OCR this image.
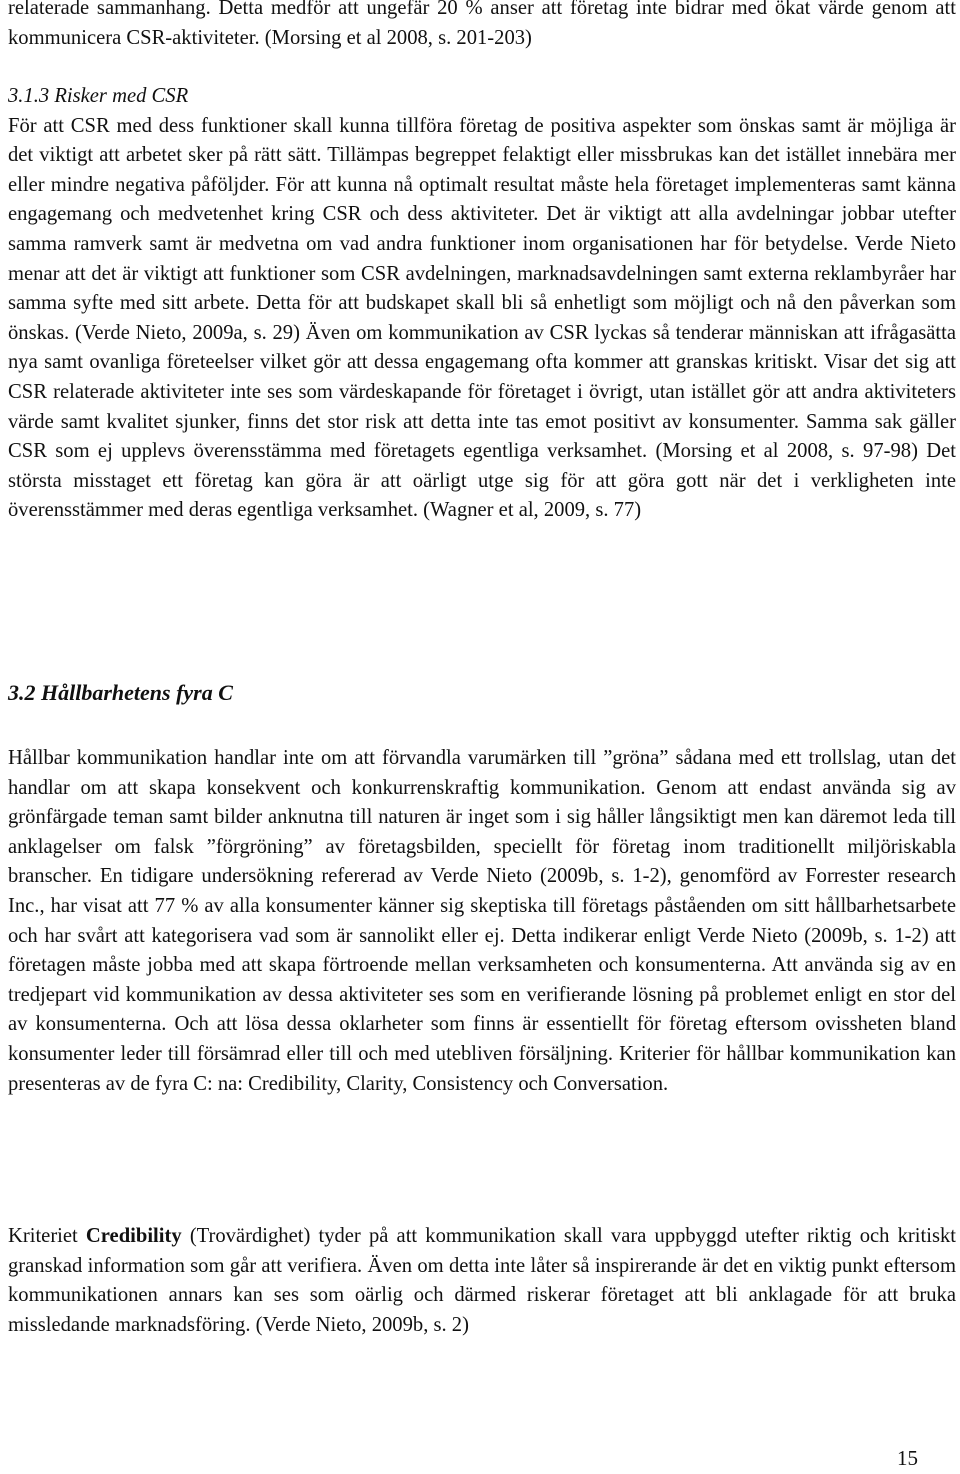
relaterade sammanhang. Detta medför att ungefär 20 % anser att företag inte bidrar med ökat värde genom att kommunicera CSR-aktiviteter. (Morsing et al 2008, s. 201-203)

3.1.3 Risker med CSR

För att CSR med dess funktioner skall kunna tillföra företag de positiva aspekter som önskas samt är möjliga är det viktigt att arbetet sker på rätt sätt. Tillämpas begreppet felaktigt eller missbrukas kan det istället innebära mer eller mindre negativa påföljder. För att kunna nå optimalt resultat måste hela företaget implementeras samt känna engagemang och medvetenhet kring CSR och dess aktiviteter. Det är viktigt att alla avdelningar jobbar utefter samma ramverk samt är medvetna om vad andra funktioner inom organisationen har för betydelse. Verde Nieto menar att det är viktigt att funktioner som CSR avdelningen, marknadsavdelningen samt externa reklambyråer har samma syfte med sitt arbete. Detta för att budskapet skall bli så enhetligt som möjligt och nå den påverkan som önskas. (Verde Nieto, 2009a, s. 29) Även om kommunikation av CSR lyckas så tenderar människan att ifrågasätta nya samt ovanliga företeelser vilket gör att dessa engagemang ofta kommer att granskas kritiskt. Visar det sig att CSR relaterade aktiviteter inte ses som värdeskapande för företaget i övrigt, utan istället gör att andra aktiviteters värde samt kvalitet sjunker, finns det stor risk att detta inte tas emot positivt av konsumenter. Samma sak gäller CSR som ej upplevs överensstämma med företagets egentliga verksamhet. (Morsing et al 2008, s. 97-98) Det största misstaget ett företag kan göra är att oärligt utge sig för att göra gott när det i verkligheten inte överensstämmer med deras egentliga verksamhet. (Wagner et al, 2009, s. 77)

3.2 Hållbarhetens fyra C

Hållbar kommunikation handlar inte om att förvandla varumärken till ”gröna” sådana med ett trollslag, utan det handlar om att skapa konsekvent och konkurrenskraftig kommunikation. Genom att endast använda sig av grönfärgade teman samt bilder anknutna till naturen är inget som i sig håller långsiktigt men kan däremot leda till anklagelser om falsk ”förgröning” av företagsbilden, speciellt för företag inom traditionellt miljöriskabla branscher. En tidigare undersökning refererad av Verde Nieto (2009b, s. 1-2), genomförd av Forrester research Inc., har visat att 77 % av alla konsumenter känner sig skeptiska till företags påståenden om sitt hållbarhetsarbete och har svårt att kategorisera vad som är sannolikt eller ej. Detta indikerar enligt Verde Nieto (2009b, s. 1-2) att företagen måste jobba med att skapa förtroende mellan verksamheten och konsumenterna. Att använda sig av en tredjepart vid kommunikation av dessa aktiviteter ses som en verifierande lösning på problemet enligt en stor del av konsumenterna. Och att lösa dessa oklarheter som finns är essentiellt för företag eftersom ovissheten bland konsumenter leder till försämrad eller till och med utebliven försäljning. Kriterier för hållbar kommunikation kan presenteras av de fyra C: na: Credibility, Clarity, Consistency och Conversation.

Kriteriet Credibility (Trovärdighet) tyder på att kommunikation skall vara uppbyggd utefter riktig och kritiskt granskad information som går att verifiera. Även om detta inte låter så inspirerande är det en viktig punkt eftersom kommunikationen annars kan ses som oärlig och därmed riskerar företaget att bli anklagade för att bruka missledande marknadsföring. (Verde Nieto, 2009b, s. 2)

15
